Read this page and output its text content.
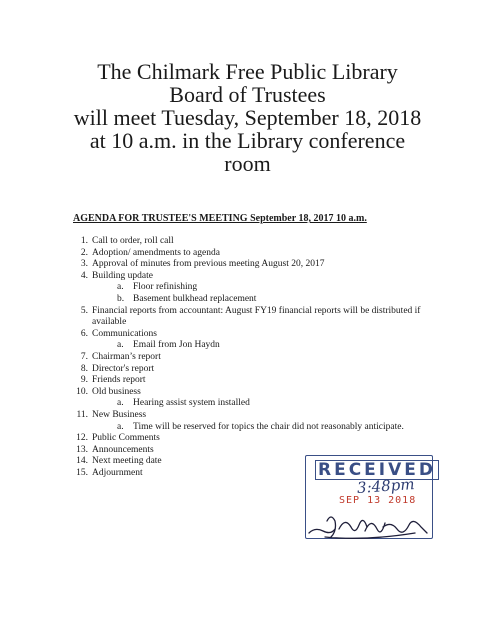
The Chilmark Free Public Library
Board of Trustees
will meet Tuesday, September 18, 2018
at 10 a.m. in the Library conference
room
AGENDA FOR TRUSTEE'S MEETING September 18, 2017 10 a.m.
1. Call to order, roll call
2. Adoption/ amendments to agenda
3. Approval of minutes from previous meeting August 20, 2017
4. Building update
a. Floor refinishing
b. Basement bulkhead replacement
5. Financial reports from accountant: August FY19 financial reports will be distributed if available
6. Communications
a. Email from Jon Haydn
7. Chairman’s report
8. Director's report
9. Friends report
10. Old business
a. Hearing assist system installed
11. New Business
a. Time will be reserved for topics the chair did not reasonably anticipate.
12. Public Comments
13. Announcements
14. Next meeting date
15. Adjournment	RECEIVED
3:48pm
SEP 13 2018
